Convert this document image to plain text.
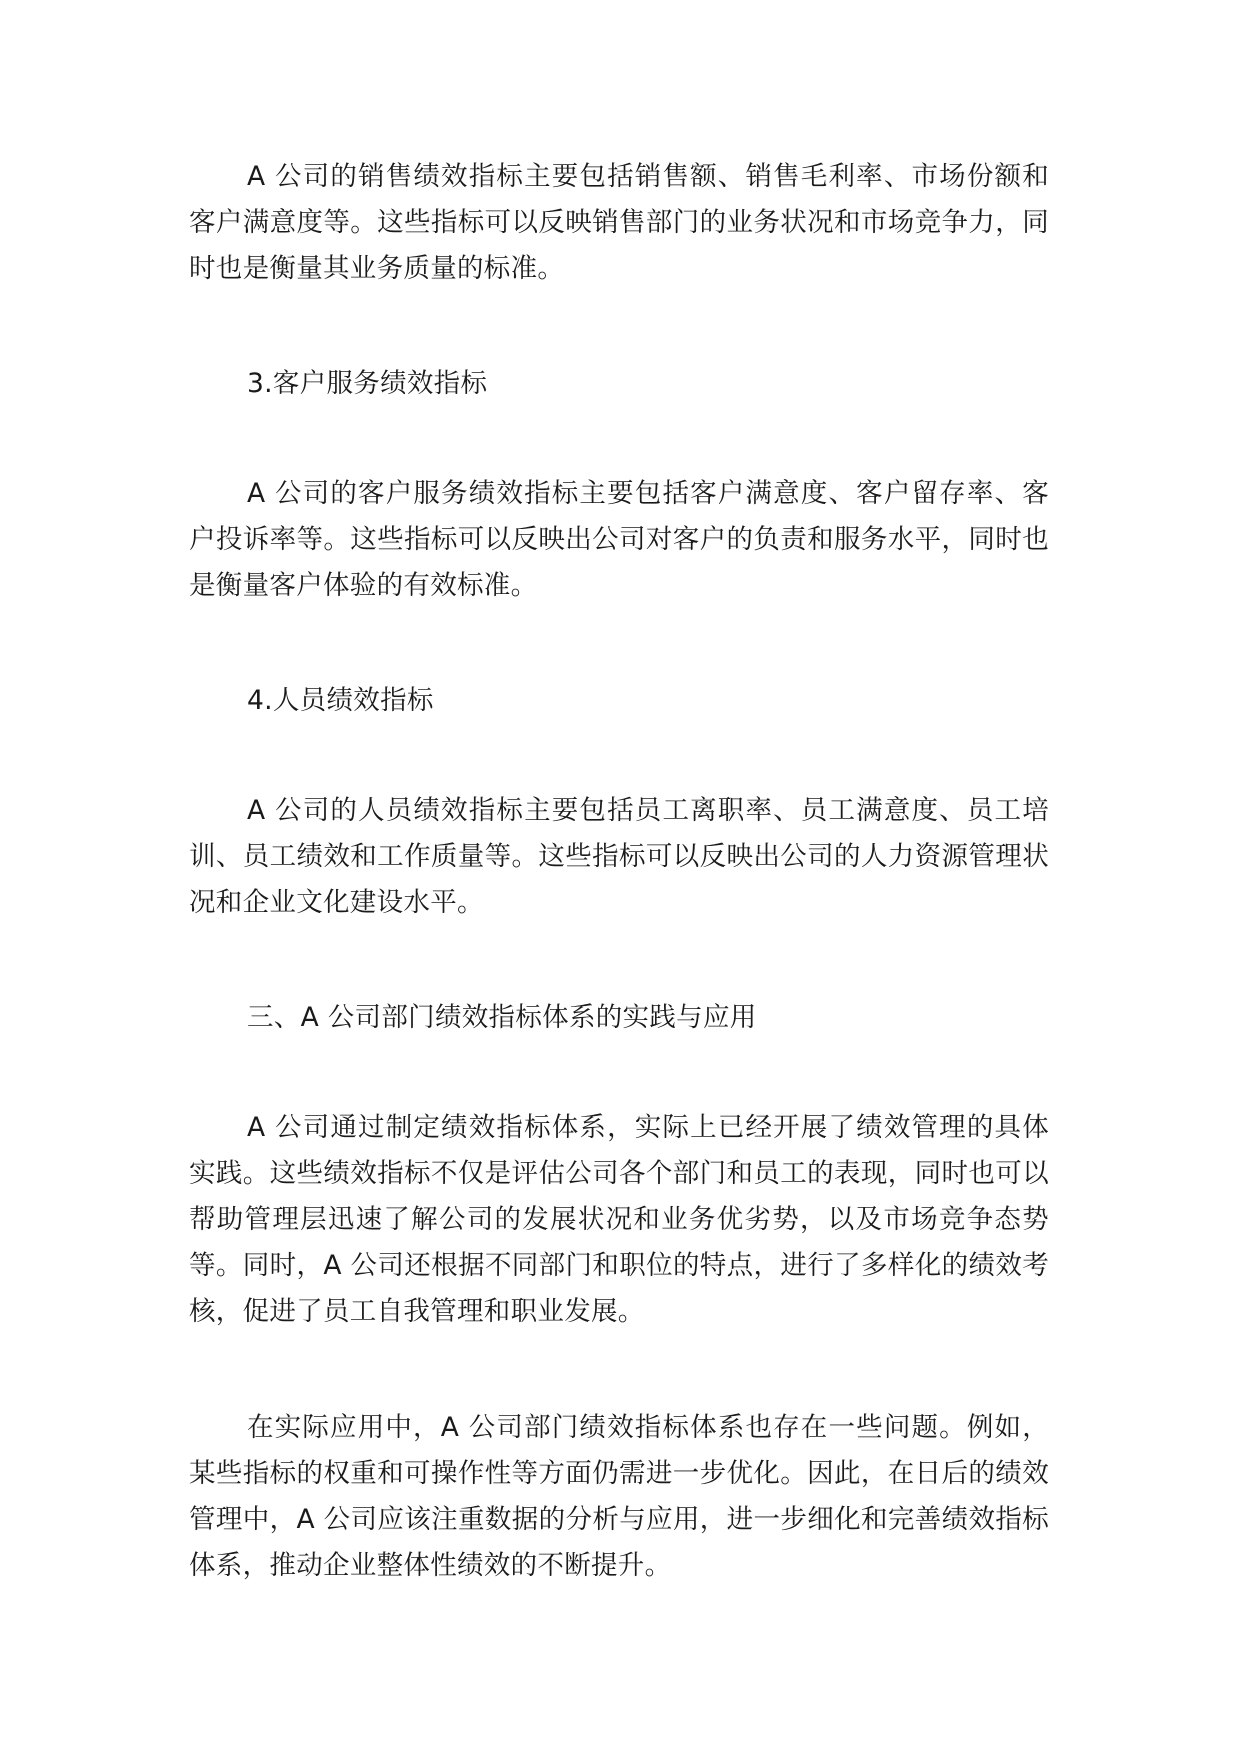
A 公司的销售绩效指标主要包括销售额、销售毛利率、市场份额和客户满意度等。这些指标可以反映销售部门的业务状况和市场竞争力，同时也是衡量其业务质量的标准。

3.客户服务绩效指标

A 公司的客户服务绩效指标主要包括客户满意度、客户留存率、客户投诉率等。这些指标可以反映出公司对客户的负责和服务水平，同时也是衡量客户体验的有效标准。

4.人员绩效指标

A 公司的人员绩效指标主要包括员工离职率、员工满意度、员工培训、员工绩效和工作质量等。这些指标可以反映出公司的人力资源管理状况和企业文化建设水平。

三、A 公司部门绩效指标体系的实践与应用

A 公司通过制定绩效指标体系，实际上已经开展了绩效管理的具体实践。这些绩效指标不仅是评估公司各个部门和员工的表现，同时也可以帮助管理层迅速了解公司的发展状况和业务优劣势，以及市场竞争态势等。同时，A 公司还根据不同部门和职位的特点，进行了多样化的绩效考核，促进了员工自我管理和职业发展。

在实际应用中，A 公司部门绩效指标体系也存在一些问题。例如，某些指标的权重和可操作性等方面仍需进一步优化。因此，在日后的绩效管理中，A 公司应该注重数据的分析与应用，进一步细化和完善绩效指标体系，推动企业整体性绩效的不断提升。
